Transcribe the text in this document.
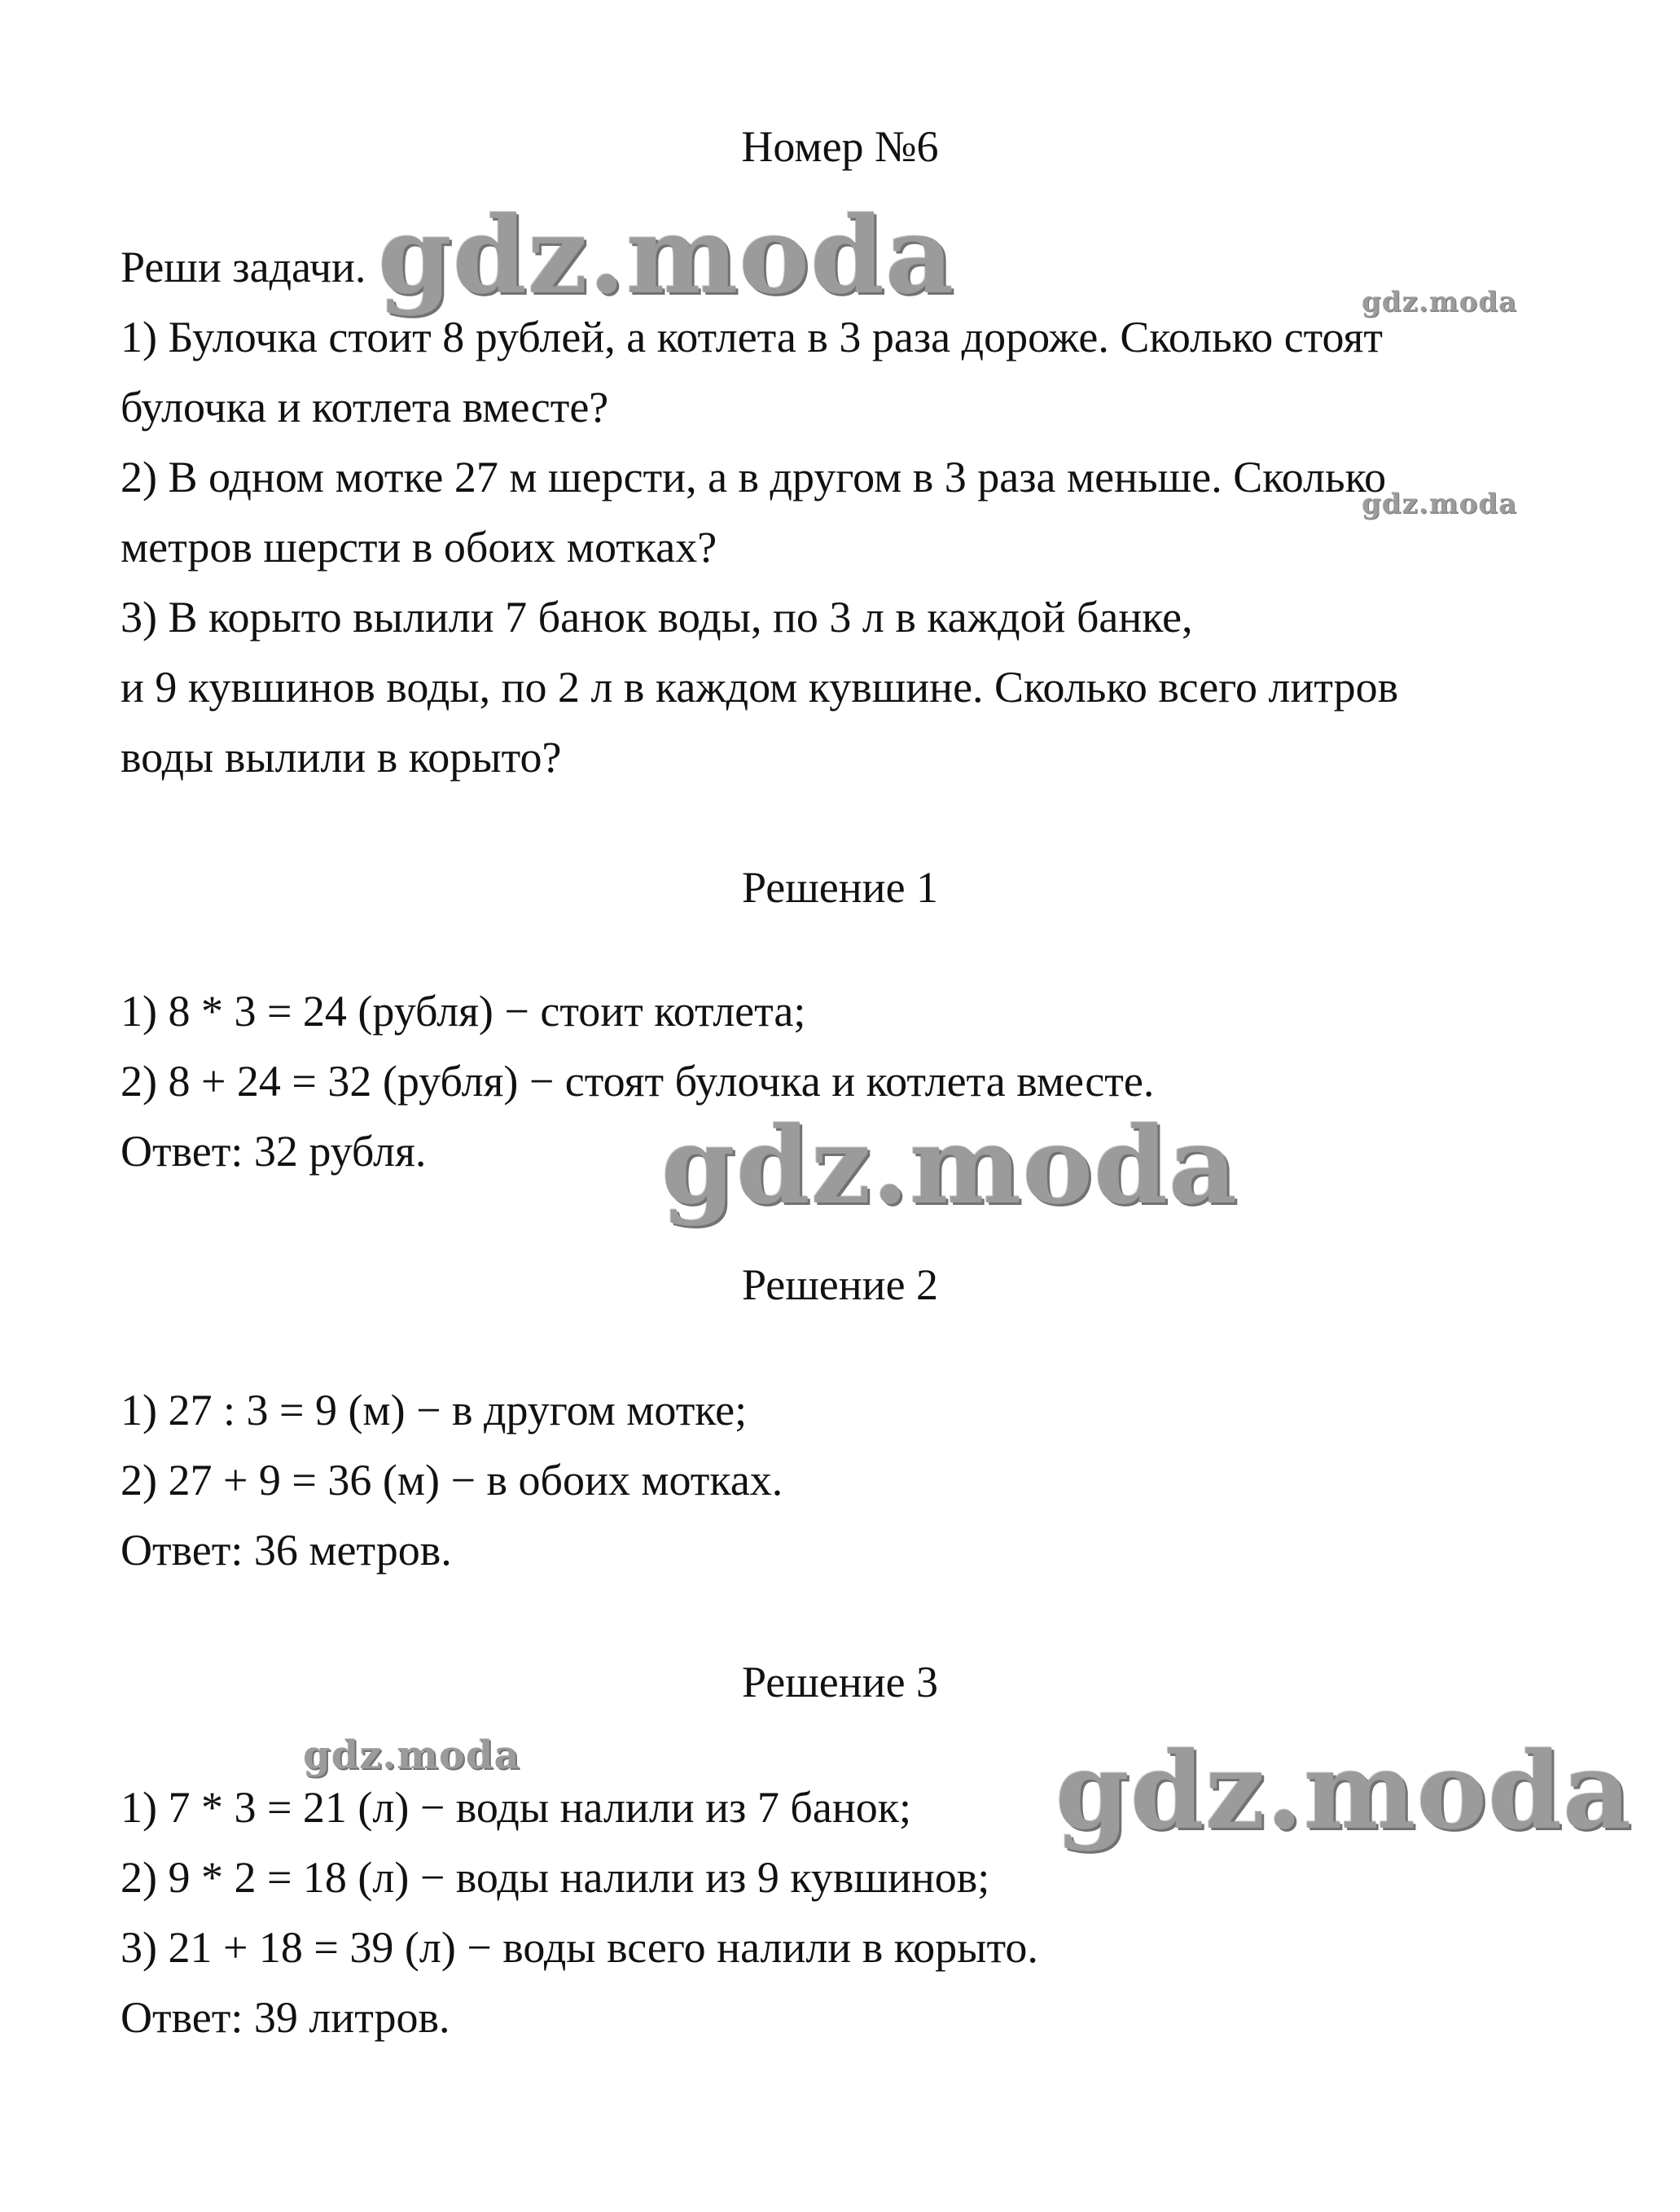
Номер №6
Реши задачи.
1) Булочка стоит 8 рублей, а котлета в 3 раза дороже. Сколько стоят
булочка и котлета вместе?
2) В одном мотке 27 м шерсти, а в другом в 3 раза меньше. Сколько
метров шерсти в обоих мотках?
3) В корыто вылили 7 банок воды, по 3 л в каждой банке,
и 9 кувшинов воды, по 2 л в каждом кувшине. Сколько всего литров
воды вылили в корыто?
Решение 1
1) 8 * 3 = 24 (рубля) − стоит котлета;
2) 8 + 24 = 32 (рубля) − стоят булочка и котлета вместе.
Ответ: 32 рубля.
Решение 2
1) 27 : 3 = 9 (м) − в другом мотке;
2) 27 + 9 = 36 (м) − в обоих мотках.
Ответ: 36 метров.
Решение 3
1) 7 * 3 = 21 (л) − воды налили из 7 банок;
2) 9 * 2 = 18 (л) − воды налили из 9 кувшинов;
3) 21 + 18 = 39 (л) − воды всего налили в корыто.
Ответ: 39 литров.
gdz.moda	gdz.moda
gdz.moda
gdz.moda
gdz.moda	gdz.moda
